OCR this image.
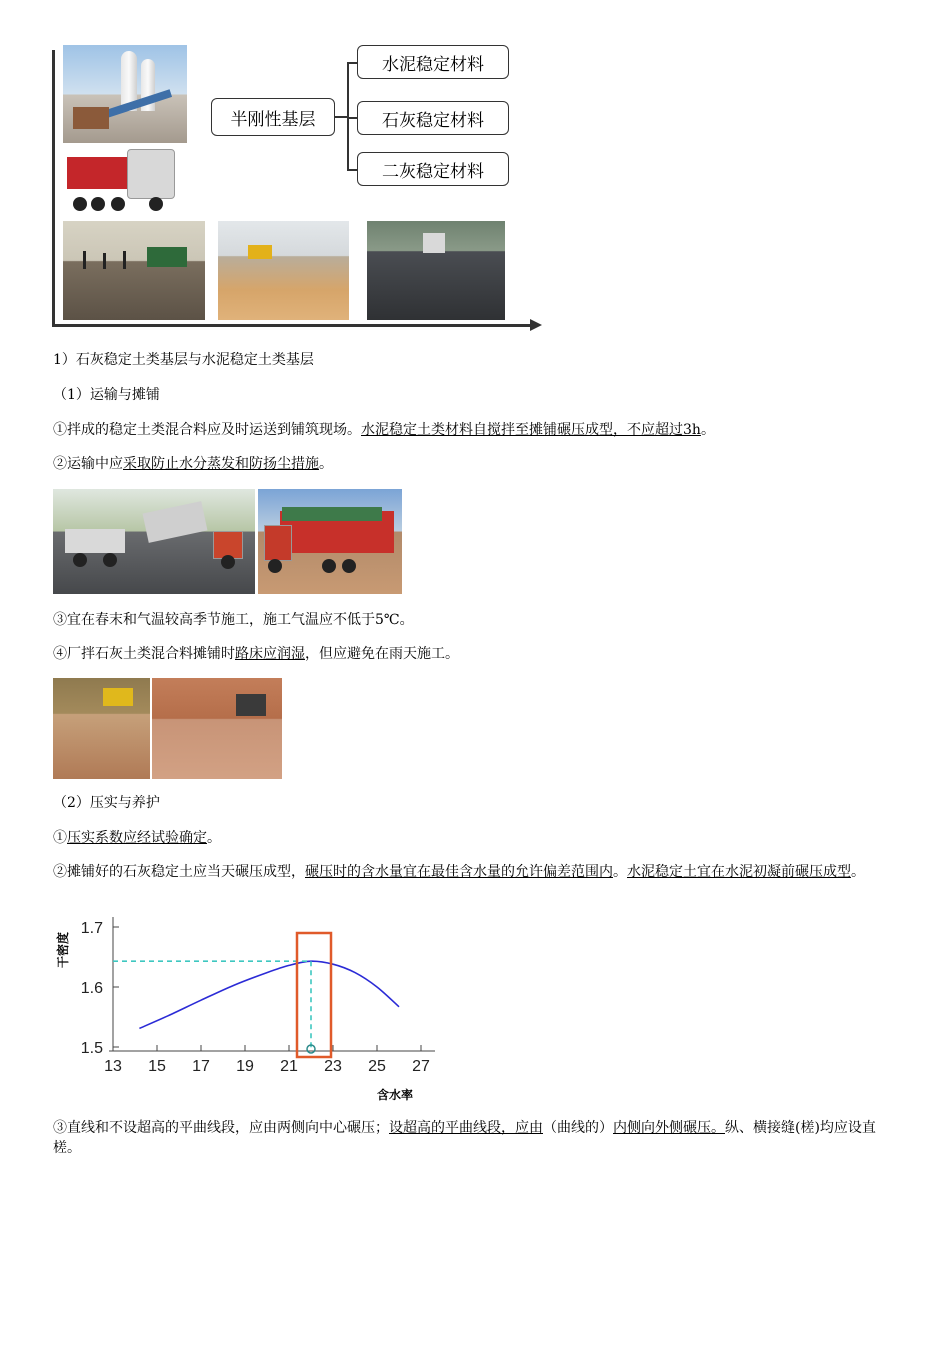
半刚性基层
水泥稳定材料
石灰稳定材料
二灰稳定材料

1）石灰稳定土类基层与水泥稳定土类基层

（1）运输与摊铺

①拌成的稳定土类混合料应及时运送到铺筑现场。水泥稳定土类材料自搅拌至摊铺碾压成型，不应超过3h。

②运输中应采取防止水分蒸发和防扬尘措施。

③宜在春末和气温较高季节施工，施工气温应不低于5℃。

④厂拌石灰土类混合料摊铺时路床应润湿，但应避免在雨天施工。

（2）压实与养护

①压实系数应经试验确定。

②摊铺好的石灰稳定土应当天碾压成型，碾压时的含水量宜在最佳含水量的允许偏差范围内。水泥稳定土宜在水泥初凝前碾压成型。

干密度
含水率
1.5
1.6
1.7
13 15 17 19 21 23 25 27

③直线和不设超高的平曲线段，应由两侧向中心碾压；设超高的平曲线段，应由（曲线的）内侧向外侧碾压。纵、横接缝(槎)均应设直槎。
